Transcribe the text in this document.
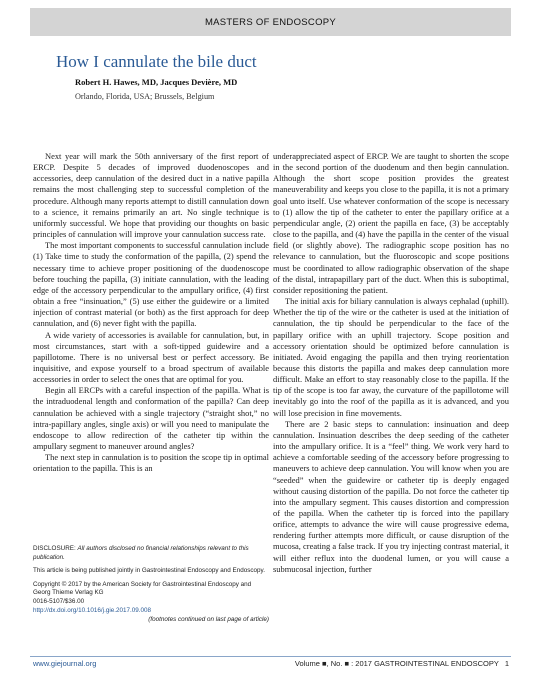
MASTERS OF ENDOSCOPY
How I cannulate the bile duct
Robert H. Hawes, MD, Jacques Devière, MD
Orlando, Florida, USA; Brussels, Belgium

Next year will mark the 50th anniversary of the first report of ERCP. Despite 5 decades of improved duodenoscopes and accessories, deep cannulation of the desired duct in a native papilla remains the most challenging step to successful completion of the procedure. Although many reports attempt to distill cannulation down to a science, it remains primarily an art. No single technique is uniformly successful. We hope that providing our thoughts on basic principles of cannulation will improve your cannulation success rate.

The most important components to successful cannulation include (1) Take time to study the conformation of the papilla, (2) spend the necessary time to achieve proper positioning of the duodenoscope before touching the papilla, (3) initiate cannulation, with the leading edge of the accessory perpendicular to the ampullary orifice, (4) first obtain a free “insinuation,” (5) use either the guidewire or a limited injection of contrast material (or both) as the first approach for deep cannulation, and (6) never fight with the papilla.

A wide variety of accessories is available for cannulation, but, in most circumstances, start with a soft-tipped guidewire and a papillotome. There is no universal best or perfect accessory. Be inquisitive, and expose yourself to a broad spectrum of available accessories in order to select the ones that are optimal for you.

Begin all ERCPs with a careful inspection of the papilla. What is the intraduodenal length and conformation of the papilla? Can deep cannulation be achieved with a single trajectory (“straight shot,” no intra-papillary angles, single axis) or will you need to manipulate the endoscope to allow redirection of the catheter tip within the ampullary segment to maneuver around angles?

The next step in cannulation is to position the scope tip in optimal orientation to the papilla. This is an

underappreciated aspect of ERCP. We are taught to shorten the scope in the second portion of the duodenum and then begin cannulation. Although the short scope position provides the greatest maneuverability and keeps you close to the papilla, it is not a primary goal unto itself. Use whatever conformation of the scope is necessary to (1) allow the tip of the catheter to enter the papillary orifice at a perpendicular angle, (2) orient the papilla en face, (3) be acceptably close to the papilla, and (4) have the papilla in the center of the visual field (or slightly above). The radiographic scope position has no relevance to cannulation, but the fluoroscopic and scope positions must be coordinated to allow radiographic observation of the shape of the distal, intrapapillary part of the duct. When this is suboptimal, consider repositioning the patient.

The initial axis for biliary cannulation is always cephalad (uphill). Whether the tip of the wire or the catheter is used at the initiation of cannulation, the tip should be perpendicular to the face of the papillary orifice with an uphill trajectory. Scope position and accessory orientation should be optimized before cannulation is initiated. Avoid engaging the papilla and then trying reorientation because this distorts the papilla and makes deep cannulation more difficult. Make an effort to stay reasonably close to the papilla. If the tip of the scope is too far away, the curvature of the papillotome will inevitably go into the roof of the papilla as it is advanced, and you will lose precision in fine movements.

There are 2 basic steps to cannulation: insinuation and deep cannulation. Insinuation describes the deep seeding of the catheter into the ampullary orifice. It is a “feel” thing. We work very hard to achieve a comfortable seeding of the accessory before progressing to maneuvers to achieve deep cannulation. You will know when you are “seeded” when the guidewire or catheter tip is deeply engaged without causing distortion of the papilla. Do not force the catheter tip into the ampullary segment. This causes distortion and compression of the papilla. When the catheter tip is forced into the papillary orifice, attempts to advance the wire will cause progressive edema, rendering further attempts more difficult, or cause disruption of the mucosa, creating a false track. If you try injecting contrast material, it will either reflux into the duodenal lumen, or you will cause a submucosal injection, further

DISCLOSURE: All authors disclosed no financial relationships relevant to this publication.

This article is being published jointly in Gastrointestinal Endoscopy and Endoscopy.

Copyright © 2017 by the American Society for Gastrointestinal Endoscopy and Georg Thieme Verlag KG
0016-5107/$36.00
http://dx.doi.org/10.1016/j.gie.2017.09.008
(footnotes continued on last page of article)

www.giejournal.org	Volume ■, No. ■ : 2017 GASTROINTESTINAL ENDOSCOPY 1
